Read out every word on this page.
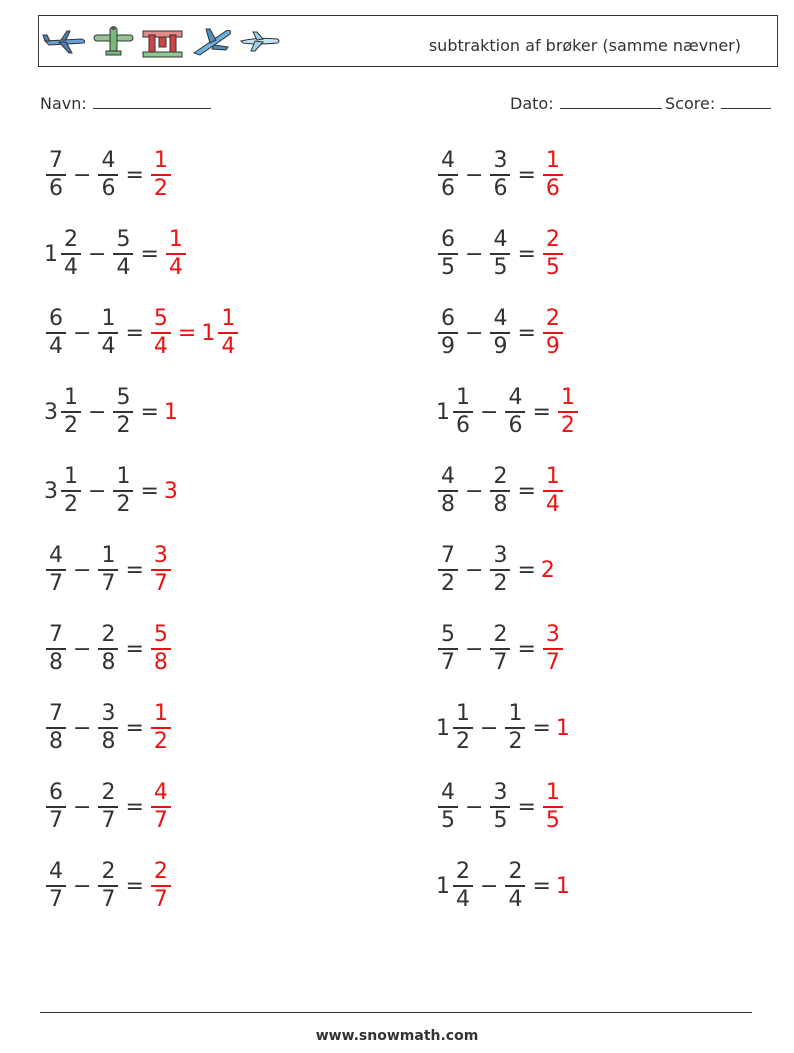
subtraktion af brøker (samme nævner)
Navn:	Dato:	Score:
$\frac{7}{6} - \frac{4}{6} = \frac{1}{2}$	$\frac{4}{6} - \frac{3}{6} = \frac{1}{6}$
$1 \frac{2}{4} - \frac{5}{4} = \frac{1}{4}$	$\frac{6}{5} - \frac{4}{5} = \frac{2}{5}$
$\frac{6}{4} - \frac{1}{4} = \frac{5}{4} = 1 \frac{1}{4}$	$\frac{6}{9} - \frac{4}{9} = \frac{2}{9}$
$3 \frac{1}{2} - \frac{5}{2} = 1$	$1 \frac{1}{6} - \frac{4}{6} = \frac{1}{2}$
$3 \frac{1}{2} - \frac{1}{2} = 3$	$\frac{4}{8} - \frac{2}{8} = \frac{1}{4}$
$\frac{4}{7} - \frac{1}{7} = \frac{3}{7}$	$\frac{7}{2} - \frac{3}{2} = 2$
$\frac{7}{8} - \frac{2}{8} = \frac{5}{8}$	$\frac{5}{7} - \frac{2}{7} = \frac{3}{7}$
$\frac{7}{8} - \frac{3}{8} = \frac{1}{2}$	$1 \frac{1}{2} - \frac{1}{2} = 1$
$\frac{6}{7} - \frac{2}{7} = \frac{4}{7}$	$\frac{4}{5} - \frac{3}{5} = \frac{1}{5}$
$\frac{4}{7} - \frac{2}{7} = \frac{2}{7}$	$1 \frac{2}{4} - \frac{2}{4} = 1$
www.snowmath.com
